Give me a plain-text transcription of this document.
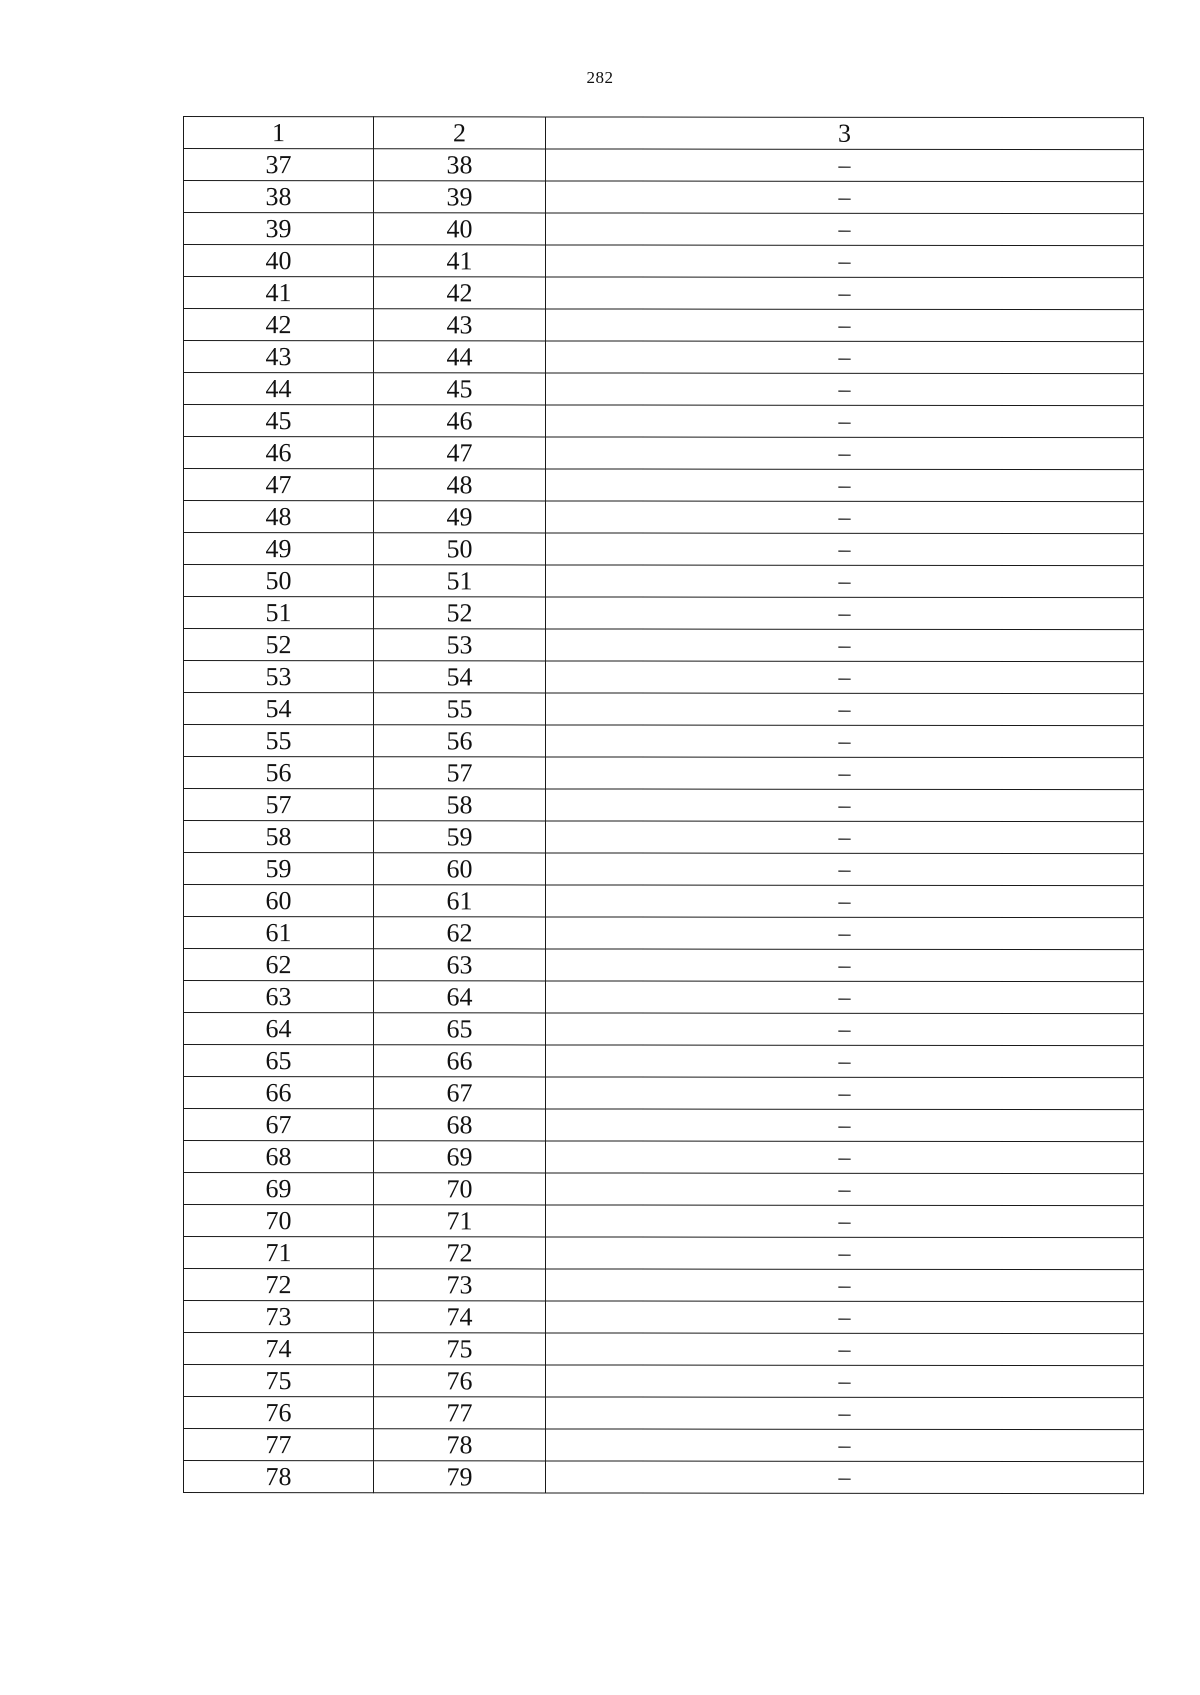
282
1	2	3
37	38	–
38	39	–
39	40	–
40	41	–
41	42	–
42	43	–
43	44	–
44	45	–
45	46	–
46	47	–
47	48	–
48	49	–
49	50	–
50	51	–
51	52	–
52	53	–
53	54	–
54	55	–
55	56	–
56	57	–
57	58	–
58	59	–
59	60	–
60	61	–
61	62	–
62	63	–
63	64	–
64	65	–
65	66	–
66	67	–
67	68	–
68	69	–
69	70	–
70	71	–
71	72	–
72	73	–
73	74	–
74	75	–
75	76	–
76	77	–
77	78	–
78	79	–
